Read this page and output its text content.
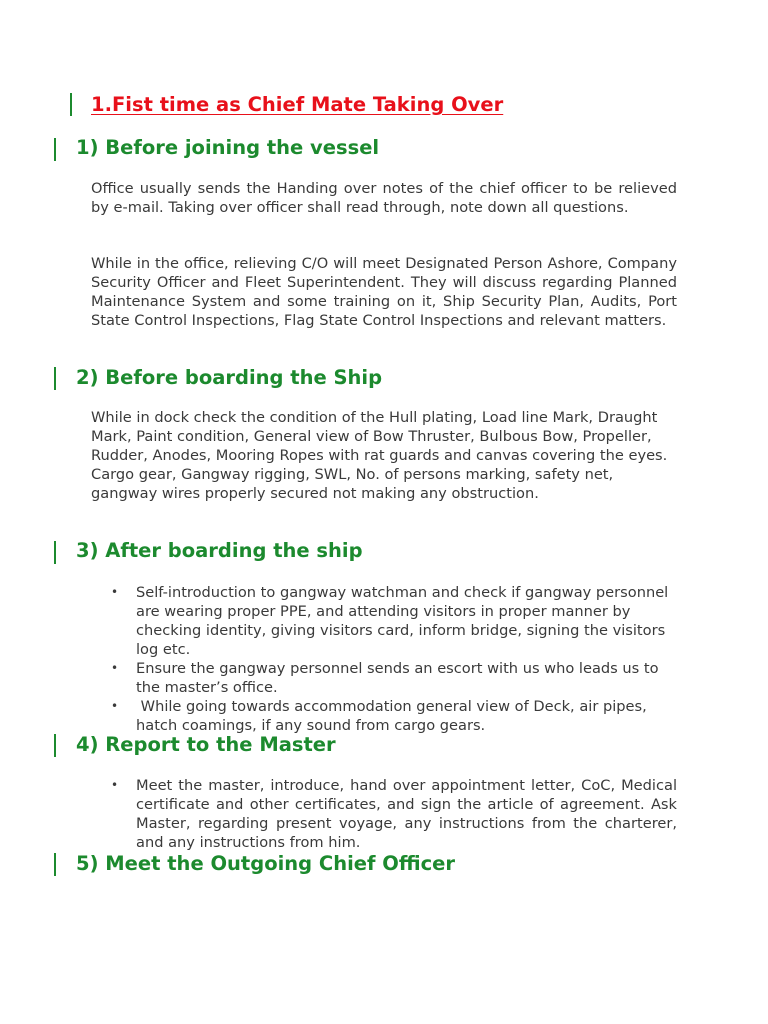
1.Fist time as Chief Mate Taking Over
1) Before joining the vessel

Office usually sends the Handing over notes of the chief officer to be relieved by e-mail. Taking over officer shall read through, note down all questions.

While in the office, relieving C/O will meet Designated Person Ashore, Company Security Officer and Fleet Superintendent. They will discuss regarding Planned Maintenance System and some training on it, Ship Security Plan, Audits, Port State Control Inspections, Flag State Control Inspections and relevant matters.

2) Before boarding the Ship

While in dock check the condition of the Hull plating, Load line Mark, Draught Mark, Paint condition, General view of Bow Thruster, Bulbous Bow, Propeller, Rudder, Anodes, Mooring Ropes with rat guards and canvas covering the eyes. Cargo gear, Gangway rigging, SWL, No. of persons marking, safety net, gangway wires properly secured not making any obstruction.

3) After boarding the ship
• Self-introduction to gangway watchman and check if gangway personnel are wearing proper PPE, and attending visitors in proper manner by checking identity, giving visitors card, inform bridge, signing the visitors log etc.
• Ensure the gangway personnel sends an escort with us who leads us to the master’s office.
• While going towards accommodation general view of Deck, air pipes, hatch coamings, if any sound from cargo gears.
4) Report to the Master
• Meet the master, introduce, hand over appointment letter, CoC, Medical certificate and other certificates, and sign the article of agreement. Ask Master, regarding present voyage, any instructions from the charterer, and any instructions from him.
5) Meet the Outgoing Chief Officer
